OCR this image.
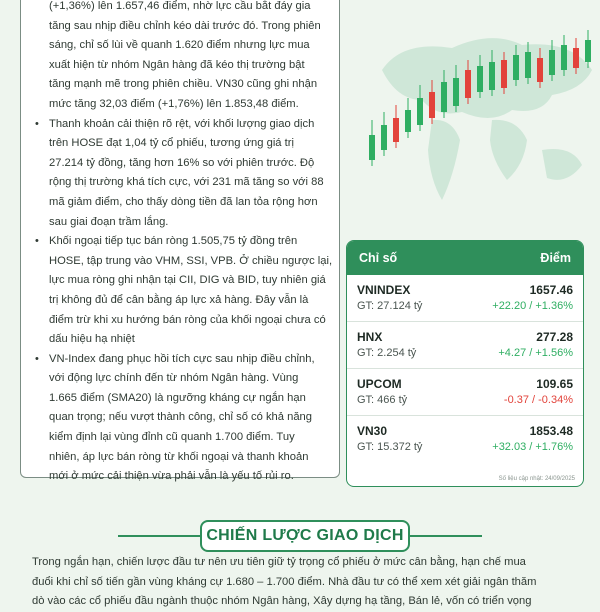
(+1,36%) lên 1.657,46 điểm, nhờ lực cầu bắt đáy gia
tăng sau nhịp điều chỉnh kéo dài trước đó. Trong phiên
sáng, chỉ số lùi về quanh 1.620 điểm nhưng lực mua
xuất hiện từ nhóm Ngân hàng đã kéo thị trường bật
tăng mạnh mẽ trong phiên chiều. VN30 cũng ghi nhận
mức tăng 32,03 điểm (+1,76%) lên 1.853,48 điểm.
• Thanh khoản cải thiện rõ rệt, với khối lượng giao dịch
trên HOSE đạt 1,04 tỷ cổ phiếu, tương ứng giá trị
27.214 tỷ đồng, tăng hơn 16% so với phiên trước. Độ
rộng thị trường khá tích cực, với 231 mã tăng so với 88
mã giảm điểm, cho thấy dòng tiền đã lan tỏa rộng hơn
sau giai đoạn trầm lắng.
• Khối ngoại tiếp tục bán ròng 1.505,75 tỷ đồng trên
HOSE, tập trung vào VHM, SSI, VPB. Ở chiều ngược lại,
lực mua ròng ghi nhận tại CII, DIG và BID, tuy nhiên giá
trị không đủ để cân bằng áp lực xả hàng. Đây vẫn là
điểm trừ khi xu hướng bán ròng của khối ngoại chưa có
dấu hiệu hạ nhiệt
• VN-Index đang phục hồi tích cực sau nhịp điều chỉnh,
với động lực chính đến từ nhóm Ngân hàng. Vùng
1.665 điểm (SMA20) là ngưỡng kháng cự ngắn hạn
quan trọng; nếu vượt thành công, chỉ số có khả năng
kiểm định lại vùng đỉnh cũ quanh 1.700 điểm. Tuy
nhiên, áp lực bán ròng từ khối ngoại và thanh khoản
mới ở mức cải thiện vừa phải vẫn là yếu tố rủi ro.
Chỉ số	Điểm
VNINDEX	1657.46
GT: 27.124 tỷ	+22.20 / +1.36%
HNX	277.28
GT: 2.254 tỷ	+4.27 / +1.56%
UPCOM	109.65
GT: 466 tỷ	-0.37 / -0.34%
VN30	1853.48
GT: 15.372 tỷ	+32.03 / +1.76%
Số liệu cập nhật: 24/09/2025
CHIẾN LƯỢC GIAO DỊCH
Trong ngắn hạn, chiến lược đầu tư nên ưu tiên giữ tỷ trọng cổ phiếu ở mức cân bằng, hạn chế mua
đuổi khi chỉ số tiến gần vùng kháng cự 1.680 – 1.700 điểm. Nhà đầu tư có thể xem xét giải ngân thăm
dò vào các cổ phiếu đầu ngành thuộc nhóm Ngân hàng, Xây dựng hạ tầng, Bán lẻ, vốn có triển vọng
